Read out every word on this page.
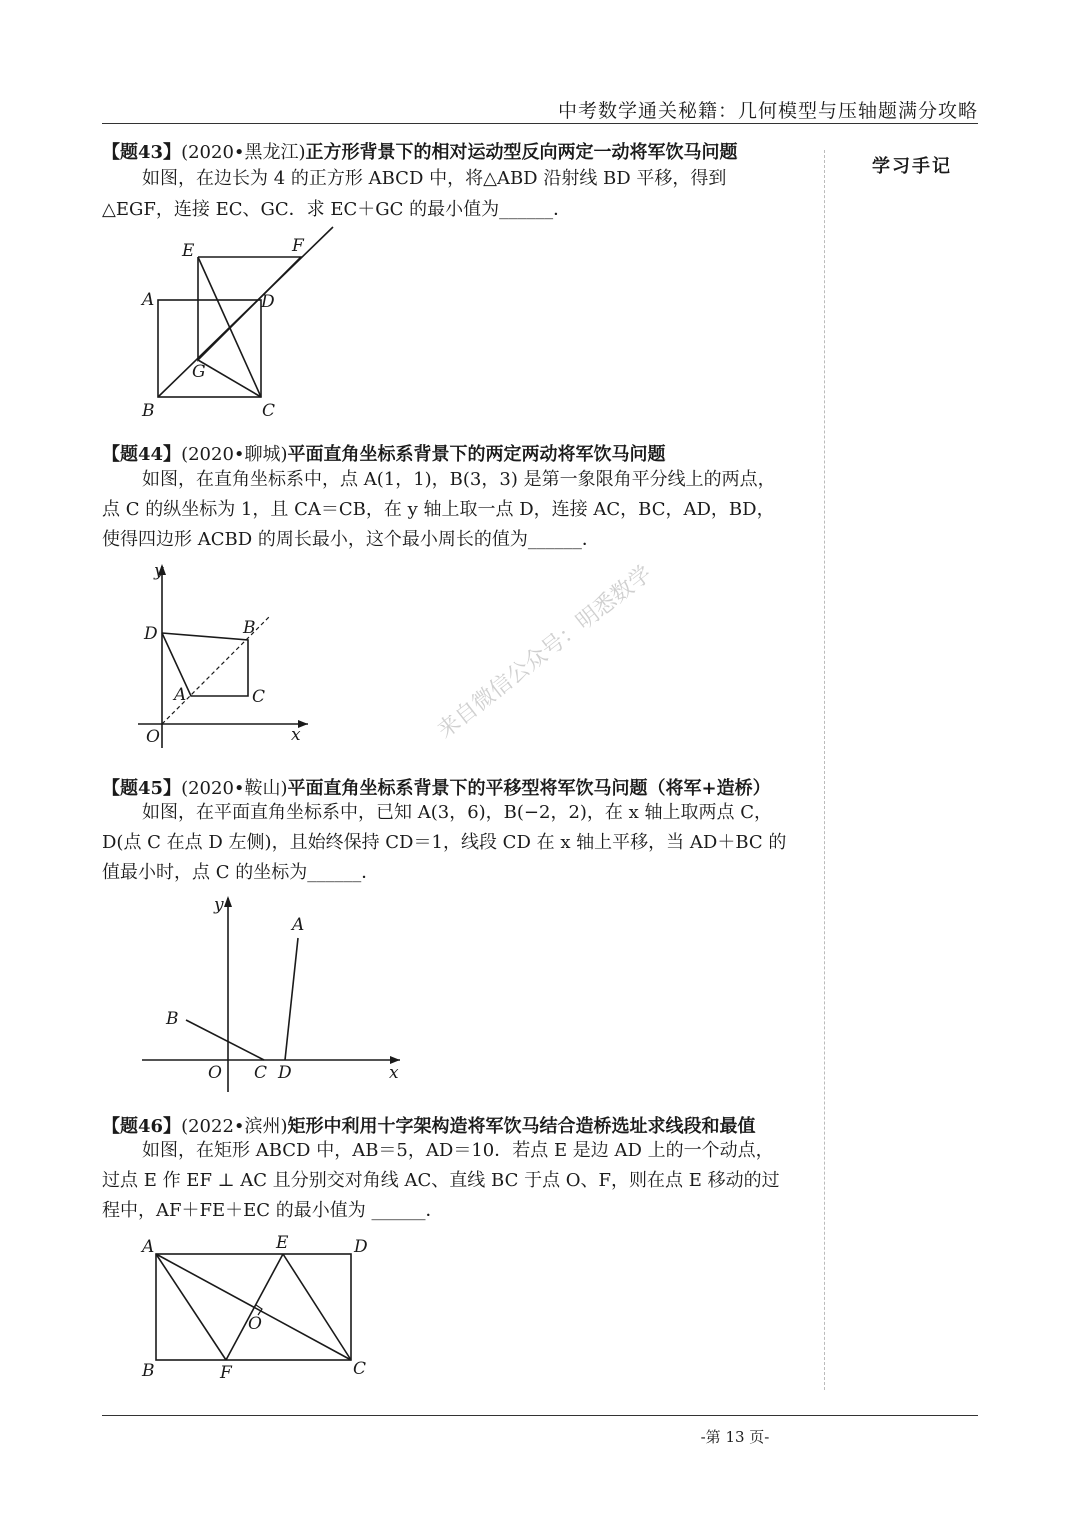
中考数学通关秘籍：几何模型与压轴题满分攻略
学习手记
来自微信公众号：明悉数学
【题43】(2020•黑龙江)正方形背景下的相对运动型反向两定一动将军饮马问题
如图，在边长为 4 的正方形 ABCD 中，将△ABD 沿射线 BD 平移，得到
△EGF，连接 EC、GC．求 EC＋GC 的最小值为______．
E	F
A	D
G
B	C
【题44】(2020•聊城)平面直角坐标系背景下的两定两动将军饮马问题
如图，在直角坐标系中，点 A(1，1)，B(3，3) 是第一象限角平分线上的两点，
点 C 的纵坐标为 1，且 CA＝CB，在 y 轴上取一点 D，连接 AC，BC，AD，BD，
使得四边形 ACBD 的周长最小，这个最小周长的值为______．
y
x
O
D	B
A	C
【题45】(2020•鞍山)平面直角坐标系背景下的平移型将军饮马问题（将军+造桥）
如图，在平面直角坐标系中，已知 A(3，6)，B(−2，2)，在 x 轴上取两点 C，
D(点 C 在点 D 左侧)，且始终保持 CD＝1，线段 CD 在 x 轴上平移，当 AD＋BC 的
值最小时，点 C 的坐标为______．
y
x
O
A
B
C D
【题46】(2022•滨州)矩形中利用十字架构造将军饮马结合造桥选址求线段和最值
如图，在矩形 ABCD 中，AB＝5，AD＝10．若点 E 是边 AD 上的一个动点，
过点 E 作 EF ⊥ AC 且分别交对角线 AC、直线 BC 于点 O、F，则在点 E 移动的过
程中，AF＋FE＋EC 的最小值为 ______．
A	E	D
O
B	F	C
-第 13 页-
